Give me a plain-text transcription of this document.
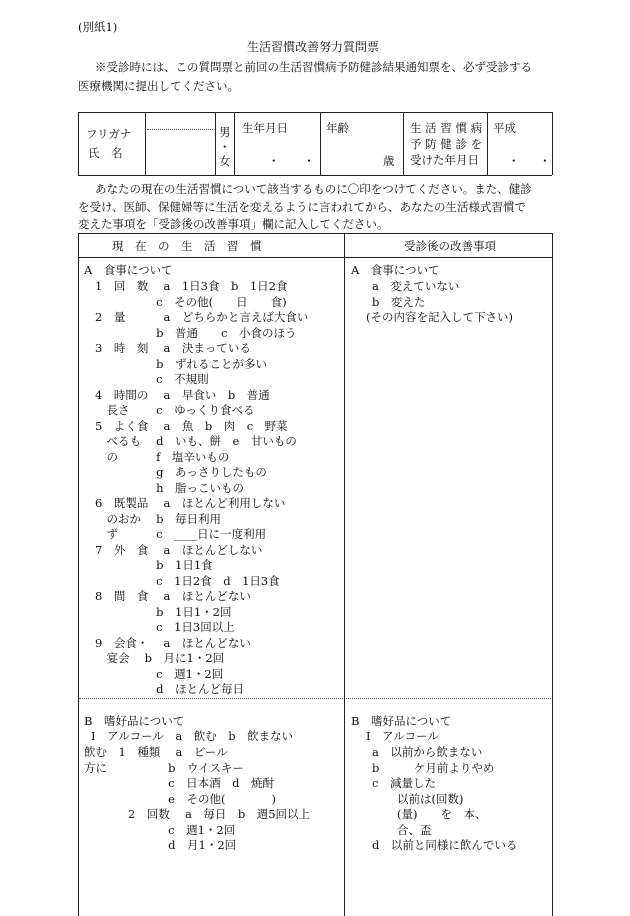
(別紙1)
生活習慣改善努力質問票
※受診時には、この質問票と前回の生活習慣病予防健診結果通知票を、必ず受診する
医療機関に提出してください。
フリガナ
氏 名
男
・
女
生年月日
・ ・
年齢
歳
生 活 習 慣 病
予 防 健 診 を
受けた年月日
平成
・ ・
あなたの現在の生活習慣について該当するものに〇印をつけてください。また、健診
を受け、医師、保健婦等に生活を変えるように言われてから、あなたの生活様式習慣で
変えた事項を「受診後の改善事項」欄に記入してください。
現　在　の　生　活　習　慣	受診後の改善事項
A　食事について
1　回　数　 a　1日3食　b　1日2食
　　　　　 c　その他(　　日　　食)
2　量　　　 a　どちらかと言えば大食い
　　　　　 b　普通　　c　小食のほう
3　時　刻　 a　決まっている
　　　　　 b　ずれることが多い
　　　　　 c　不規則
4　時間の　 a　早食い　b　普通
　長さ　　 c　ゆっくり食べる
5　よく食　 a　魚　b　肉　c　野菜
　べるも　 d　いも、餅　e　甘いもの
　の　　　 f　塩辛いもの
　　　　　 g　あっさりしたもの
　　　　　 h　脂っこいもの
6　既製品　 a　ほとんど利用しない
　のおか　 b　毎日利用
　ず　　　 c　____日に一度利用
7　外　食　 a　ほとんどしない
　　　　　 b　1日1食
　　　　　 c　1日2食　d　1日3食
8　間　食　 a　ほとんどない
　　　　　 b　1日1・2回
　　　　　 c　1日3回以上
9　会食・　 a　ほとんどない
　宴会　 b　月に1・2回
　　　　　 c　週1・2回
　　　　　 d　ほとんど毎日
A　食事について
a　変えていない
b　変えた
(その内容を記入して下さい)
B　嗜好品について
Ⅰ　アルコール　a　飲む　b　飲まない
飲む　1　種類　 a　ビール
方に　　　　　 b　ウイスキー
　　　　　　　 c　日本酒　d　焼酎
　　　　　　　 e　その他(　　　　)
2　回数　 a　毎日　b　週5回以上
　　　　　　　 c　週1・2回
　　　　　　　 d　月1・2回
B　嗜好品について
Ⅰ　アルコール
a　以前から飲まない
b　　　ケ月前よりやめ
c　減量した
以前は(回数)
(量)　　を　本、
合、盃
d　以前と同様に飲んでいる
